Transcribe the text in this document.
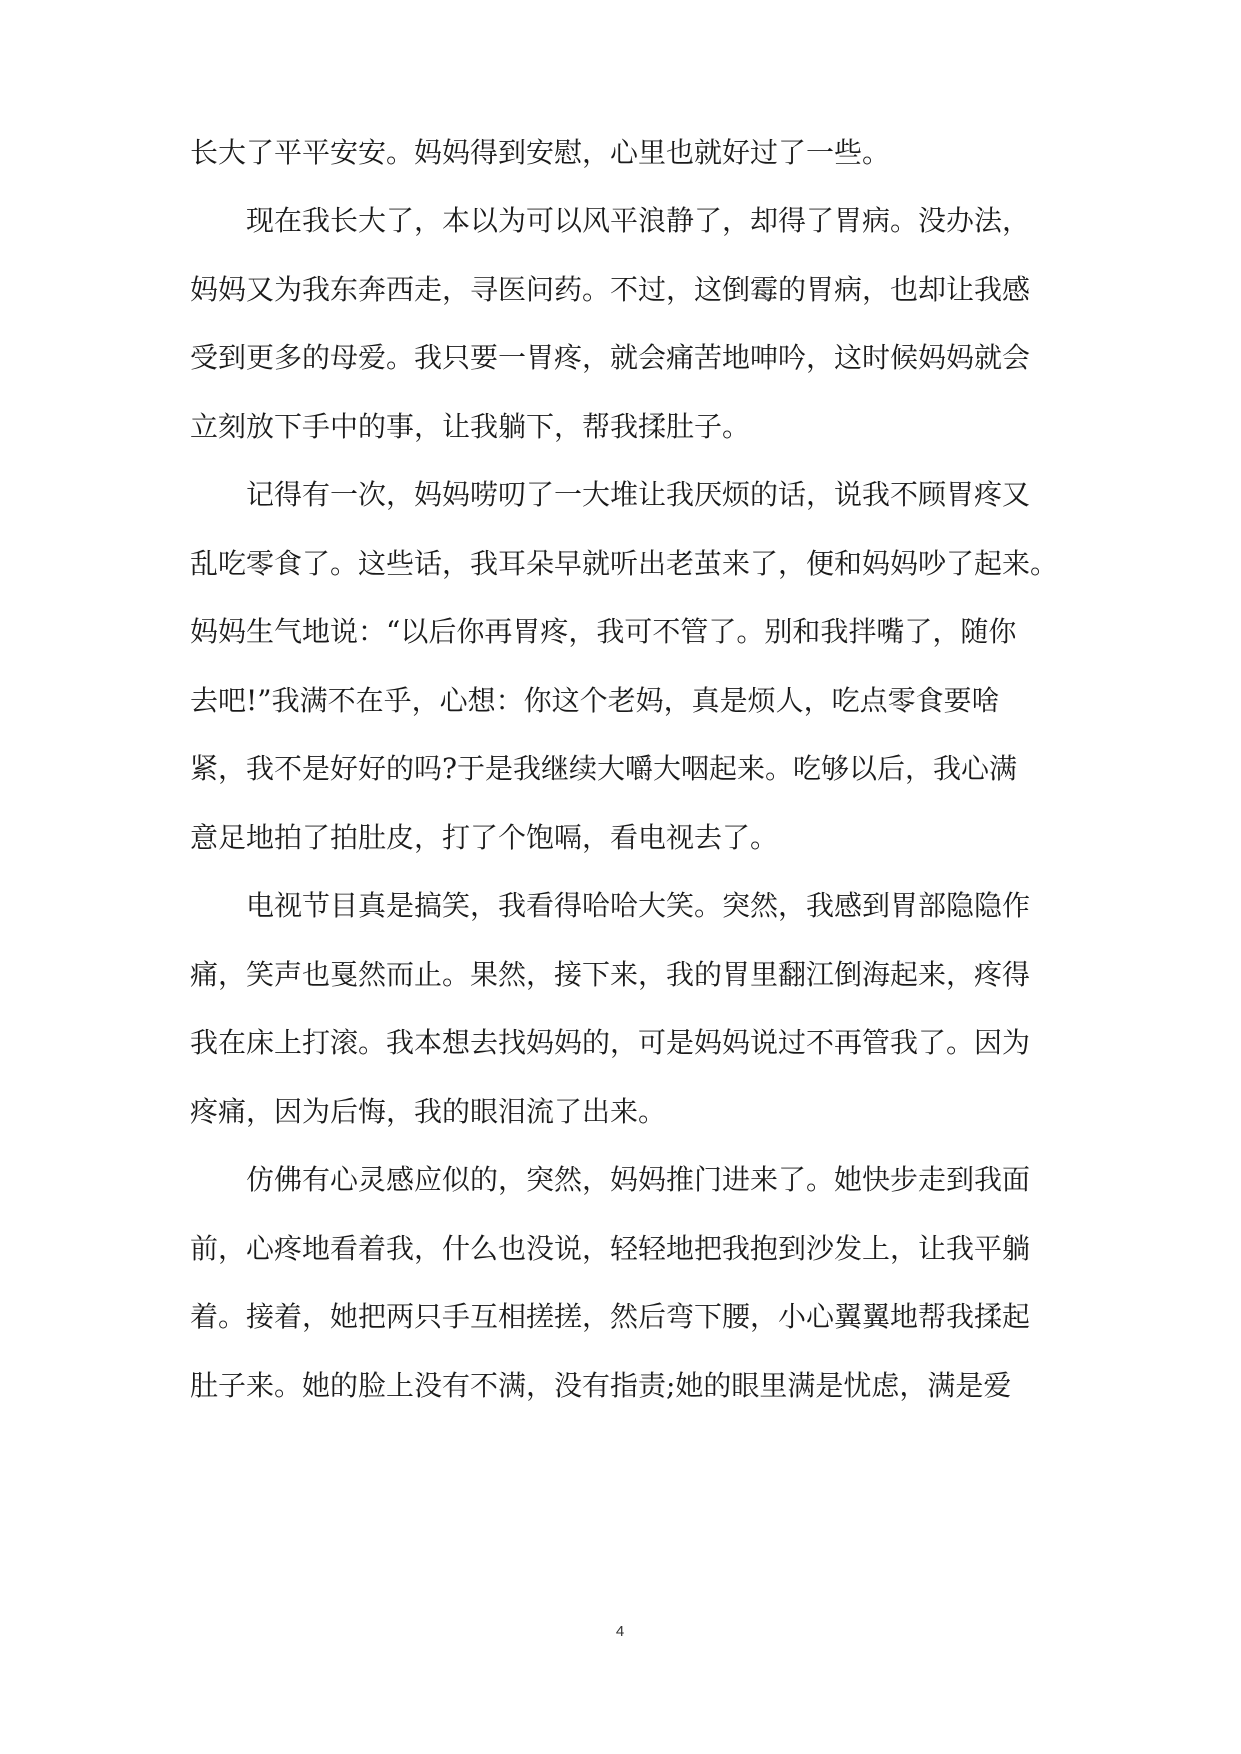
长大了平平安安。妈妈得到安慰，心里也就好过了一些。
　　现在我长大了，本以为可以风平浪静了，却得了胃病。没办法，
妈妈又为我东奔西走，寻医问药。不过，这倒霉的胃病，也却让我感
受到更多的母爱。我只要一胃疼，就会痛苦地呻吟，这时候妈妈就会
立刻放下手中的事，让我躺下，帮我揉肚子。
　　记得有一次，妈妈唠叨了一大堆让我厌烦的话，说我不顾胃疼又
乱吃零食了。这些话，我耳朵早就听出老茧来了，便和妈妈吵了起来。
妈妈生气地说：“以后你再胃疼，我可不管了。别和我拌嘴了，随你
去吧!”我满不在乎，心想：你这个老妈，真是烦人，吃点零食要啥
紧，我不是好好的吗?于是我继续大嚼大咽起来。吃够以后，我心满
意足地拍了拍肚皮，打了个饱嗝，看电视去了。
　　电视节目真是搞笑，我看得哈哈大笑。突然，我感到胃部隐隐作
痛，笑声也戛然而止。果然，接下来，我的胃里翻江倒海起来，疼得
我在床上打滚。我本想去找妈妈的，可是妈妈说过不再管我了。因为
疼痛，因为后悔，我的眼泪流了出来。
　　仿佛有心灵感应似的，突然，妈妈推门进来了。她快步走到我面
前，心疼地看着我，什么也没说，轻轻地把我抱到沙发上，让我平躺
着。接着，她把两只手互相搓搓，然后弯下腰，小心翼翼地帮我揉起
肚子来。她的脸上没有不满，没有指责;她的眼里满是忧虑，满是爱
4
